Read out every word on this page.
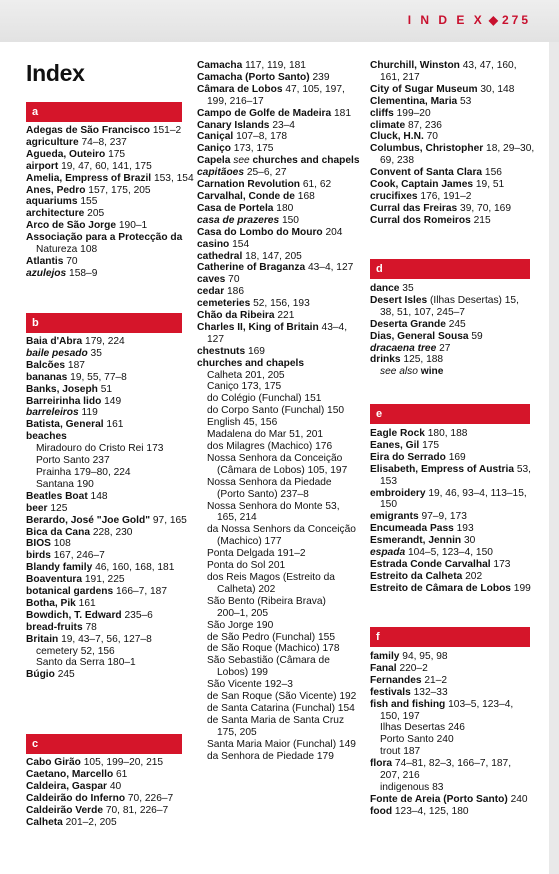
I N D E X ◆ 275
Index
a
Adegas de São Francisco 151–2
agriculture 74–8, 237
Agueda, Outeiro 175
airport 19, 47, 60, 141, 175
Amelia, Empress of Brazil 153, 154
Anes, Pedro 157, 175, 205
aquariums 155
architecture 205
Arco de São Jorge 190–1
Associação para a Protecção da
Natureza 108
Atlantis 70
azulejos 158–9
b
Baia d'Abra 179, 224
baile pesado 35
Balcões 187
bananas 19, 55, 77–8
Banks, Joseph 51
Barreirinha lido 149
barreleiros 119
Batista, General 161
beaches
Miradouro do Cristo Rei 173
Porto Santo 237
Prainha 179–80, 224
Santana 190
Beatles Boat 148
beer 125
Berardo, José "Joe Gold" 97, 165
Bica da Cana 228, 230
BIOS 108
birds 167, 246–7
Blandy family 46, 160, 168, 181
Boaventura 191, 225
botanical gardens 166–7, 187
Botha, Pik 161
Bowdich, T. Edward 235–6
bread-fruits 78
Britain 19, 43–7, 56, 127–8
cemetery 52, 156
Santo da Serra 180–1
Búgio 245
c
Cabo Girão 105, 199–20, 215
Caetano, Marcello 61
Caldeira, Gaspar 40
Caldeirão do Inferno 70, 226–7
Caldeirão Verde 70, 81, 226–7
Calheta 201–2, 205
Camacha 117, 119, 181
Camacha (Porto Santo) 239
Câmara de Lobos 47, 105, 197,
199, 216–17
Campo de Golfe de Madeira 181
Canary Islands 23–4
Caniçal 107–8, 178
Caniço 173, 175
Capela see churches and chapels
capitãoes 25–6, 27
Carnation Revolution 61, 62
Carvalhal, Conde de 168
Casa de Portela 180
casa de prazeres 150
Casa do Lombo do Mouro 204
casino 154
cathedral 18, 147, 205
Catherine of Braganza 43–4, 127
caves 70
cedar 186
cemeteries 52, 156, 193
Chão da Ribeira 221
Charles II, King of Britain 43–4,
127
chestnuts 169
churches and chapels
Calheta 201, 205
Caniço 173, 175
do Colégio (Funchal) 151
do Corpo Santo (Funchal) 150
English 45, 156
Madalena do Mar 51, 201
dos Milagres (Machico) 176
Nossa Senhora da Conceição
(Câmara de Lobos) 105, 197
Nossa Senhora da Piedade
(Porto Santo) 237–8
Nossa Senhora do Monte 53,
165, 214
da Nossa Senhors da Conceição
(Machico) 177
Ponta Delgada 191–2
Ponta do Sol 201
dos Reis Magos (Estreito da
Calheta) 202
São Bento (Ribeira Brava)
200–1, 205
São Jorge 190
de São Pedro (Funchal) 155
de São Roque (Machico) 178
São Sebastião (Câmara de
Lobos) 199
São Vicente 192–3
de San Roque (São Vicente) 192
de Santa Catarina (Funchal) 154
de Santa Maria de Santa Cruz
175, 205
Santa Maria Maior (Funchal) 149
da Senhora de Piedade 179
Churchill, Winston 43, 47, 160,
161, 217
City of Sugar Museum 30, 148
Clementina, Maria 53
cliffs 199–20
climate 87, 236
Cluck, H.N. 70
Columbus, Christopher 18, 29–30,
69, 238
Convent of Santa Clara 156
Cook, Captain James 19, 51
crucifixes 176, 191–2
Curral das Freiras 39, 70, 169
Curral dos Romeiros 215
d
dance 35
Desert Isles (Ilhas Desertas) 15,
38, 51, 107, 245–7
Deserta Grande 245
Dias, General Sousa 59
dracaena tree 27
drinks 125, 188
see also wine
e
Eagle Rock 180, 188
Eanes, Gil 175
Eira do Serrado 169
Elisabeth, Empress of Austria 53,
153
embroidery 19, 46, 93–4, 113–15,
150
emigrants 97–9, 173
Encumeada Pass 193
Esmerandt, Jennin 30
espada 104–5, 123–4, 150
Estrada Conde Carvalhal 173
Estreito da Calheta 202
Estreito de Câmara de Lobos 199
f
family 94, 95, 98
Fanal 220–2
Fernandes 21–2
festivals 132–33
fish and fishing 103–5, 123–4,
150, 197
Ilhas Desertas 246
Porto Santo 240
trout 187
flora 74–81, 82–3, 166–7, 187,
207, 216
indigenous 83
Fonte de Areia (Porto Santo) 240
food 123–4, 125, 180
